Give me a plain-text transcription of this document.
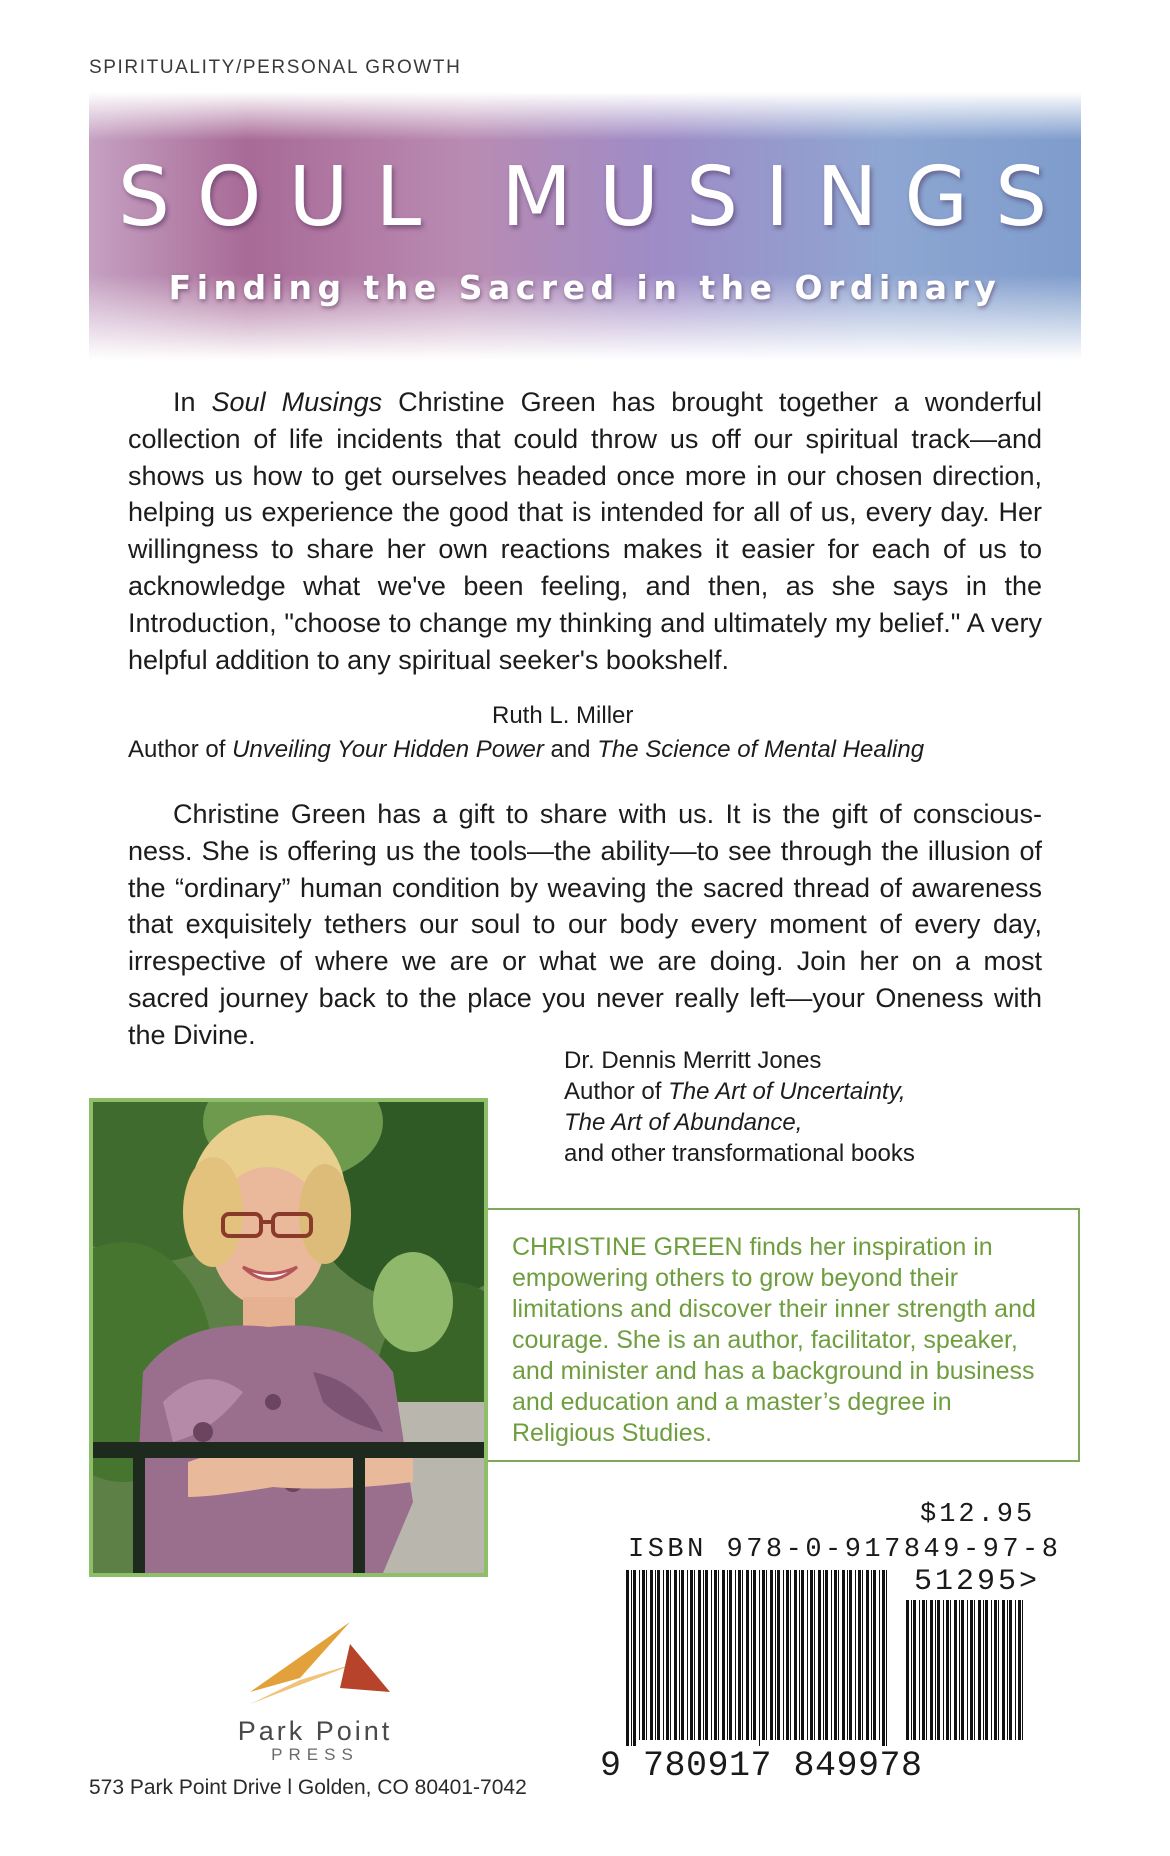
SPIRITUALITY/PERSONAL GROWTH
SOUL MUSINGS
Finding the Sacred in the Ordinary
In Soul Musings Christine Green has brought together a wonderful collection of life incidents that could throw us off our spiritual track—and shows us how to get ourselves headed once more in our chosen direction, helping us experience the good that is intended for all of us, every day. Her willingness to share her own reactions makes it easier for each of us to acknowledge what we've been feeling, and then, as she says in the Introduction, "choose to change my thinking and ultimately my belief." A very helpful addition to any spiritual seeker's bookshelf.
Ruth L. Miller
Author of Unveiling Your Hidden Power and The Science of Mental Healing
Christine Green has a gift to share with us. It is the gift of consciousness. She is offering us the tools—the ability—to see through the illusion of the “ordinary” human condition by weaving the sacred thread of awareness that exquisitely tethers our soul to our body every moment of every day, irrespective of where we are or what we are doing. Join her on a most sacred journey back to the place you never really left—your Oneness with the Divine.
Dr. Dennis Merritt Jones
Author of The Art of Uncertainty,
The Art of Abundance,
and other transformational books
CHRISTINE GREEN finds her inspiration in empowering others to grow beyond their limitations and discover their inner strength and courage. She is an author, facilitator, speaker, and minister and has a background in business and education and a master’s degree in Religious Studies.
$12.95
ISBN 978-0-917849-97-8
51295>
9 780917 849978
Park Point
PRESS
573 Park Point Drive l Golden, CO 80401-7042
